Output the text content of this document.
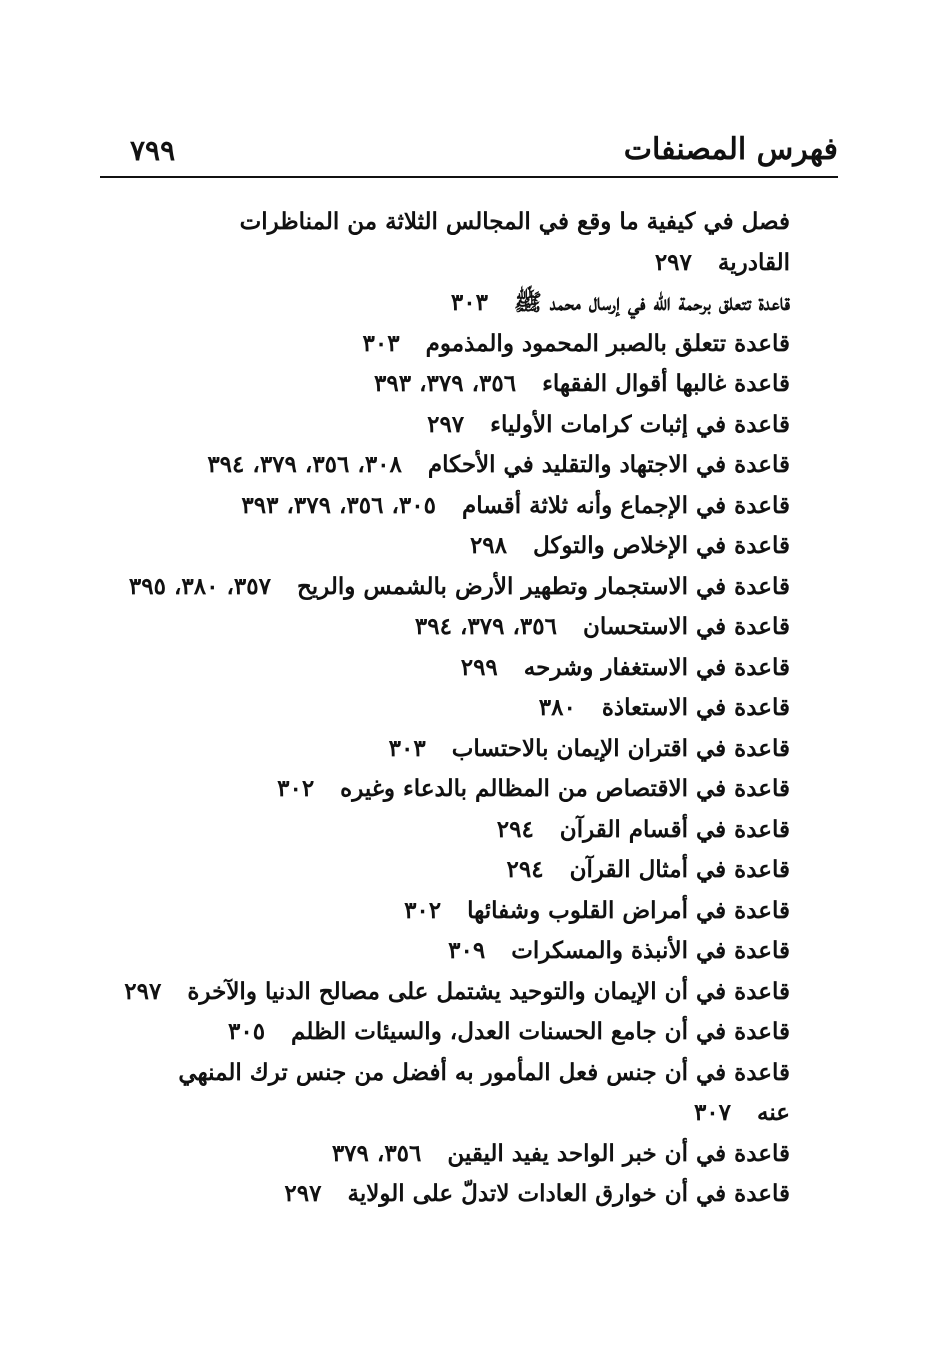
فهرس المصنفات
٧٩٩
فصل في كيفية ما وقع في المجالس الثلاثة من المناظرات القادرية٢٩٧
قاعدة تتعلق برحمة الله في إرسال محمد ﷺ٣٠٣
قاعدة تتعلق بالصبر المحمود والمذموم٣٠٣
قاعدة غالبها أقوال الفقهاء٣٥٦، ٣٧٩، ٣٩٣
قاعدة في إثبات كرامات الأولياء٢٩٧
قاعدة في الاجتهاد والتقليد في الأحكام٣٠٨، ٣٥٦، ٣٧٩، ٣٩٤
قاعدة في الإجماع وأنه ثلاثة أقسام٣٠٥، ٣٥٦، ٣٧٩، ٣٩٣
قاعدة في الإخلاص والتوكل٢٩٨
قاعدة في الاستجمار وتطهير الأرض بالشمس والريح٣٥٧، ٣٨٠، ٣٩٥
قاعدة في الاستحسان٣٥٦، ٣٧٩، ٣٩٤
قاعدة في الاستغفار وشرحه٢٩٩
قاعدة في الاستعاذة٣٨٠
قاعدة في اقتران الإيمان بالاحتساب٣٠٣
قاعدة في الاقتصاص من المظالم بالدعاء وغيره٣٠٢
قاعدة في أقسام القرآن٢٩٤
قاعدة في أمثال القرآن٢٩٤
قاعدة في أمراض القلوب وشفائها٣٠٢
قاعدة في الأنبذة والمسكرات٣٠٩
قاعدة في أن الإيمان والتوحيد يشتمل على مصالح الدنيا والآخرة٢٩٧
قاعدة في أن جامع الحسنات العدل، والسيئات الظلم٣٠٥
قاعدة في أن جنس فعل المأمور به أفضل من جنس ترك المنهي عنه٣٠٧
قاعدة في أن خبر الواحد يفيد اليقين٣٥٦، ٣٧٩
قاعدة في أن خوارق العادات لاتدلّ على الولاية٢٩٧
